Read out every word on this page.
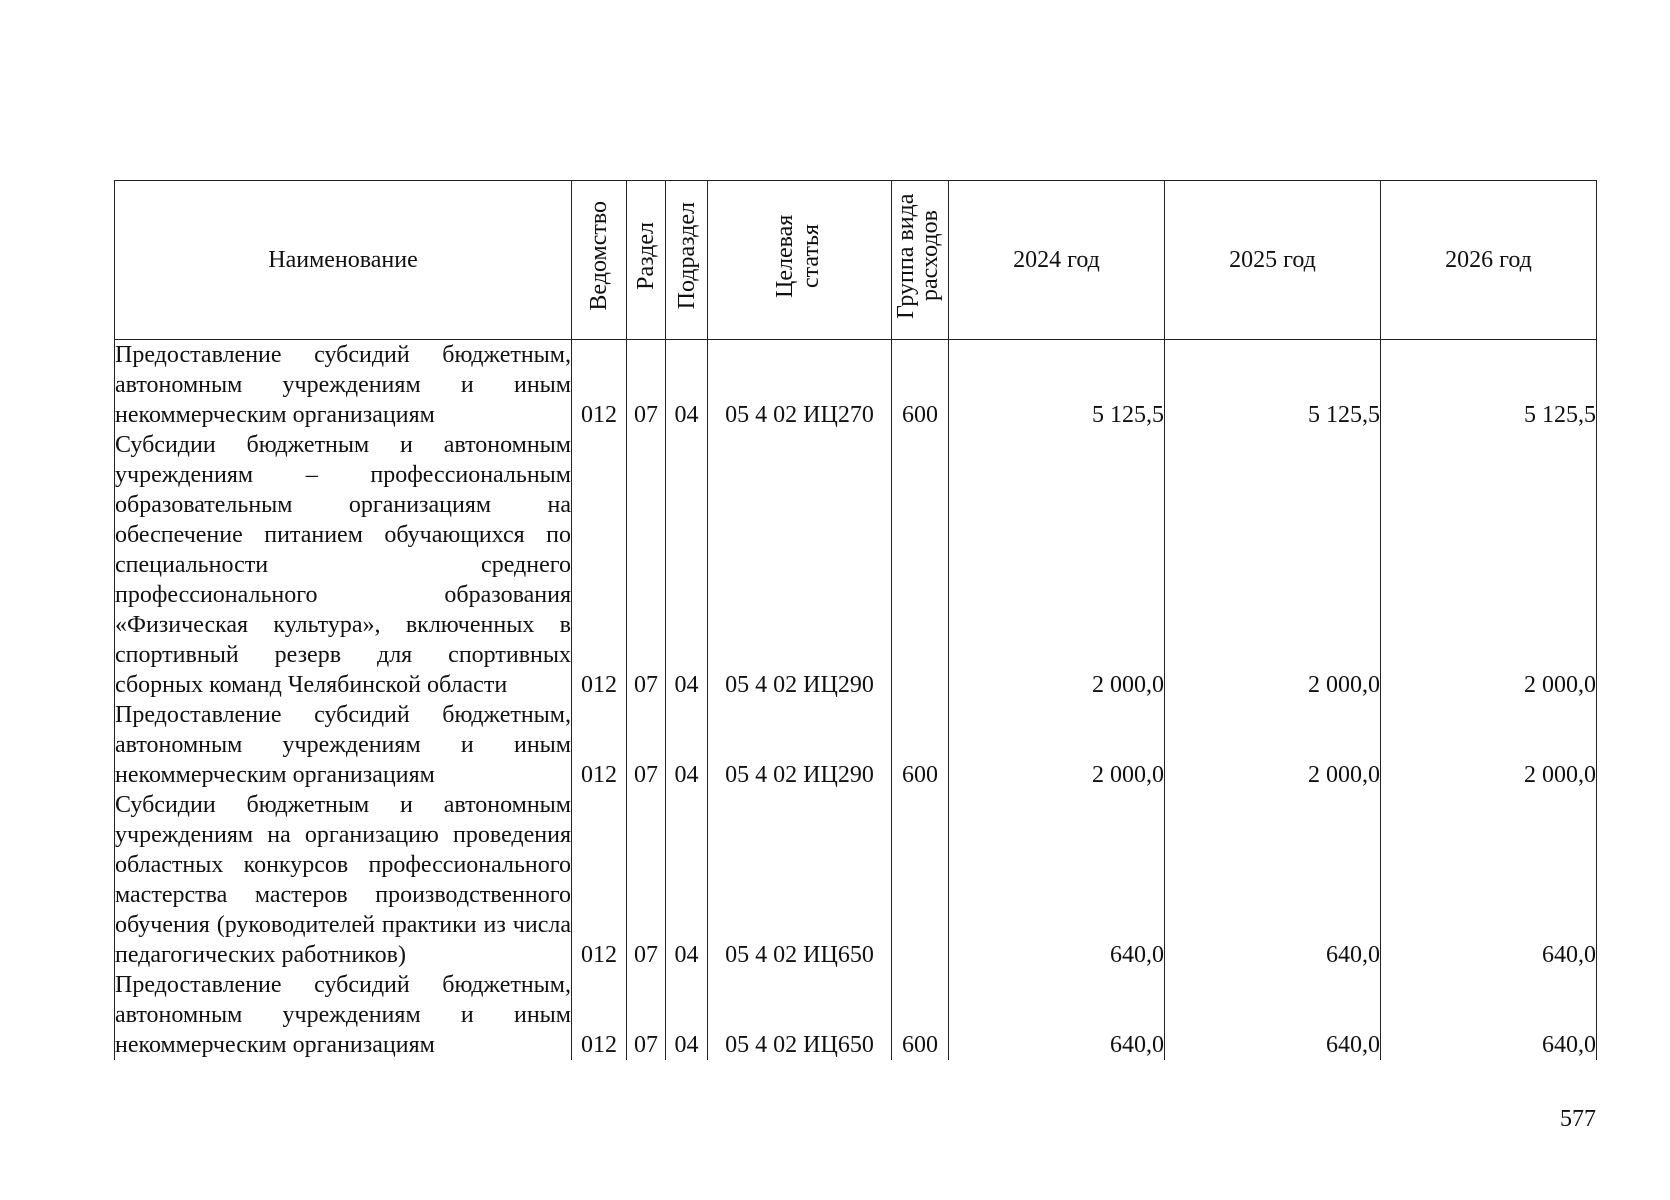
Наименование	Ведомство	Раздел	Подраздел	Целевая статья	Группа вида расходов	2024 год	2025 год	2026 год
Предоставление субсидий бюджетным, автономным учреждениям и иным некоммерческим организациям	012	07	04	05 4 02 ИЦ270	600	5 125,5	5 125,5	5 125,5
Субсидии бюджетным и автономным учреждениям – профессиональным образовательным организациям на обеспечение питанием обучающихся по специальности среднего профессионального образования «Физическая культура», включенных в спортивный резерв для спортивных сборных команд Челябинской области	012	07	04	05 4 02 ИЦ290		2 000,0	2 000,0	2 000,0
Предоставление субсидий бюджетным, автономным учреждениям и иным некоммерческим организациям	012	07	04	05 4 02 ИЦ290	600	2 000,0	2 000,0	2 000,0
Субсидии бюджетным и автономным учреждениям на организацию проведения областных конкурсов профессионального мастерства мастеров производственного обучения (руководителей практики из числа педагогических работников)	012	07	04	05 4 02 ИЦ650		640,0	640,0	640,0
Предоставление субсидий бюджетным, автономным учреждениям и иным некоммерческим организациям	012	07	04	05 4 02 ИЦ650	600	640,0	640,0	640,0
577
